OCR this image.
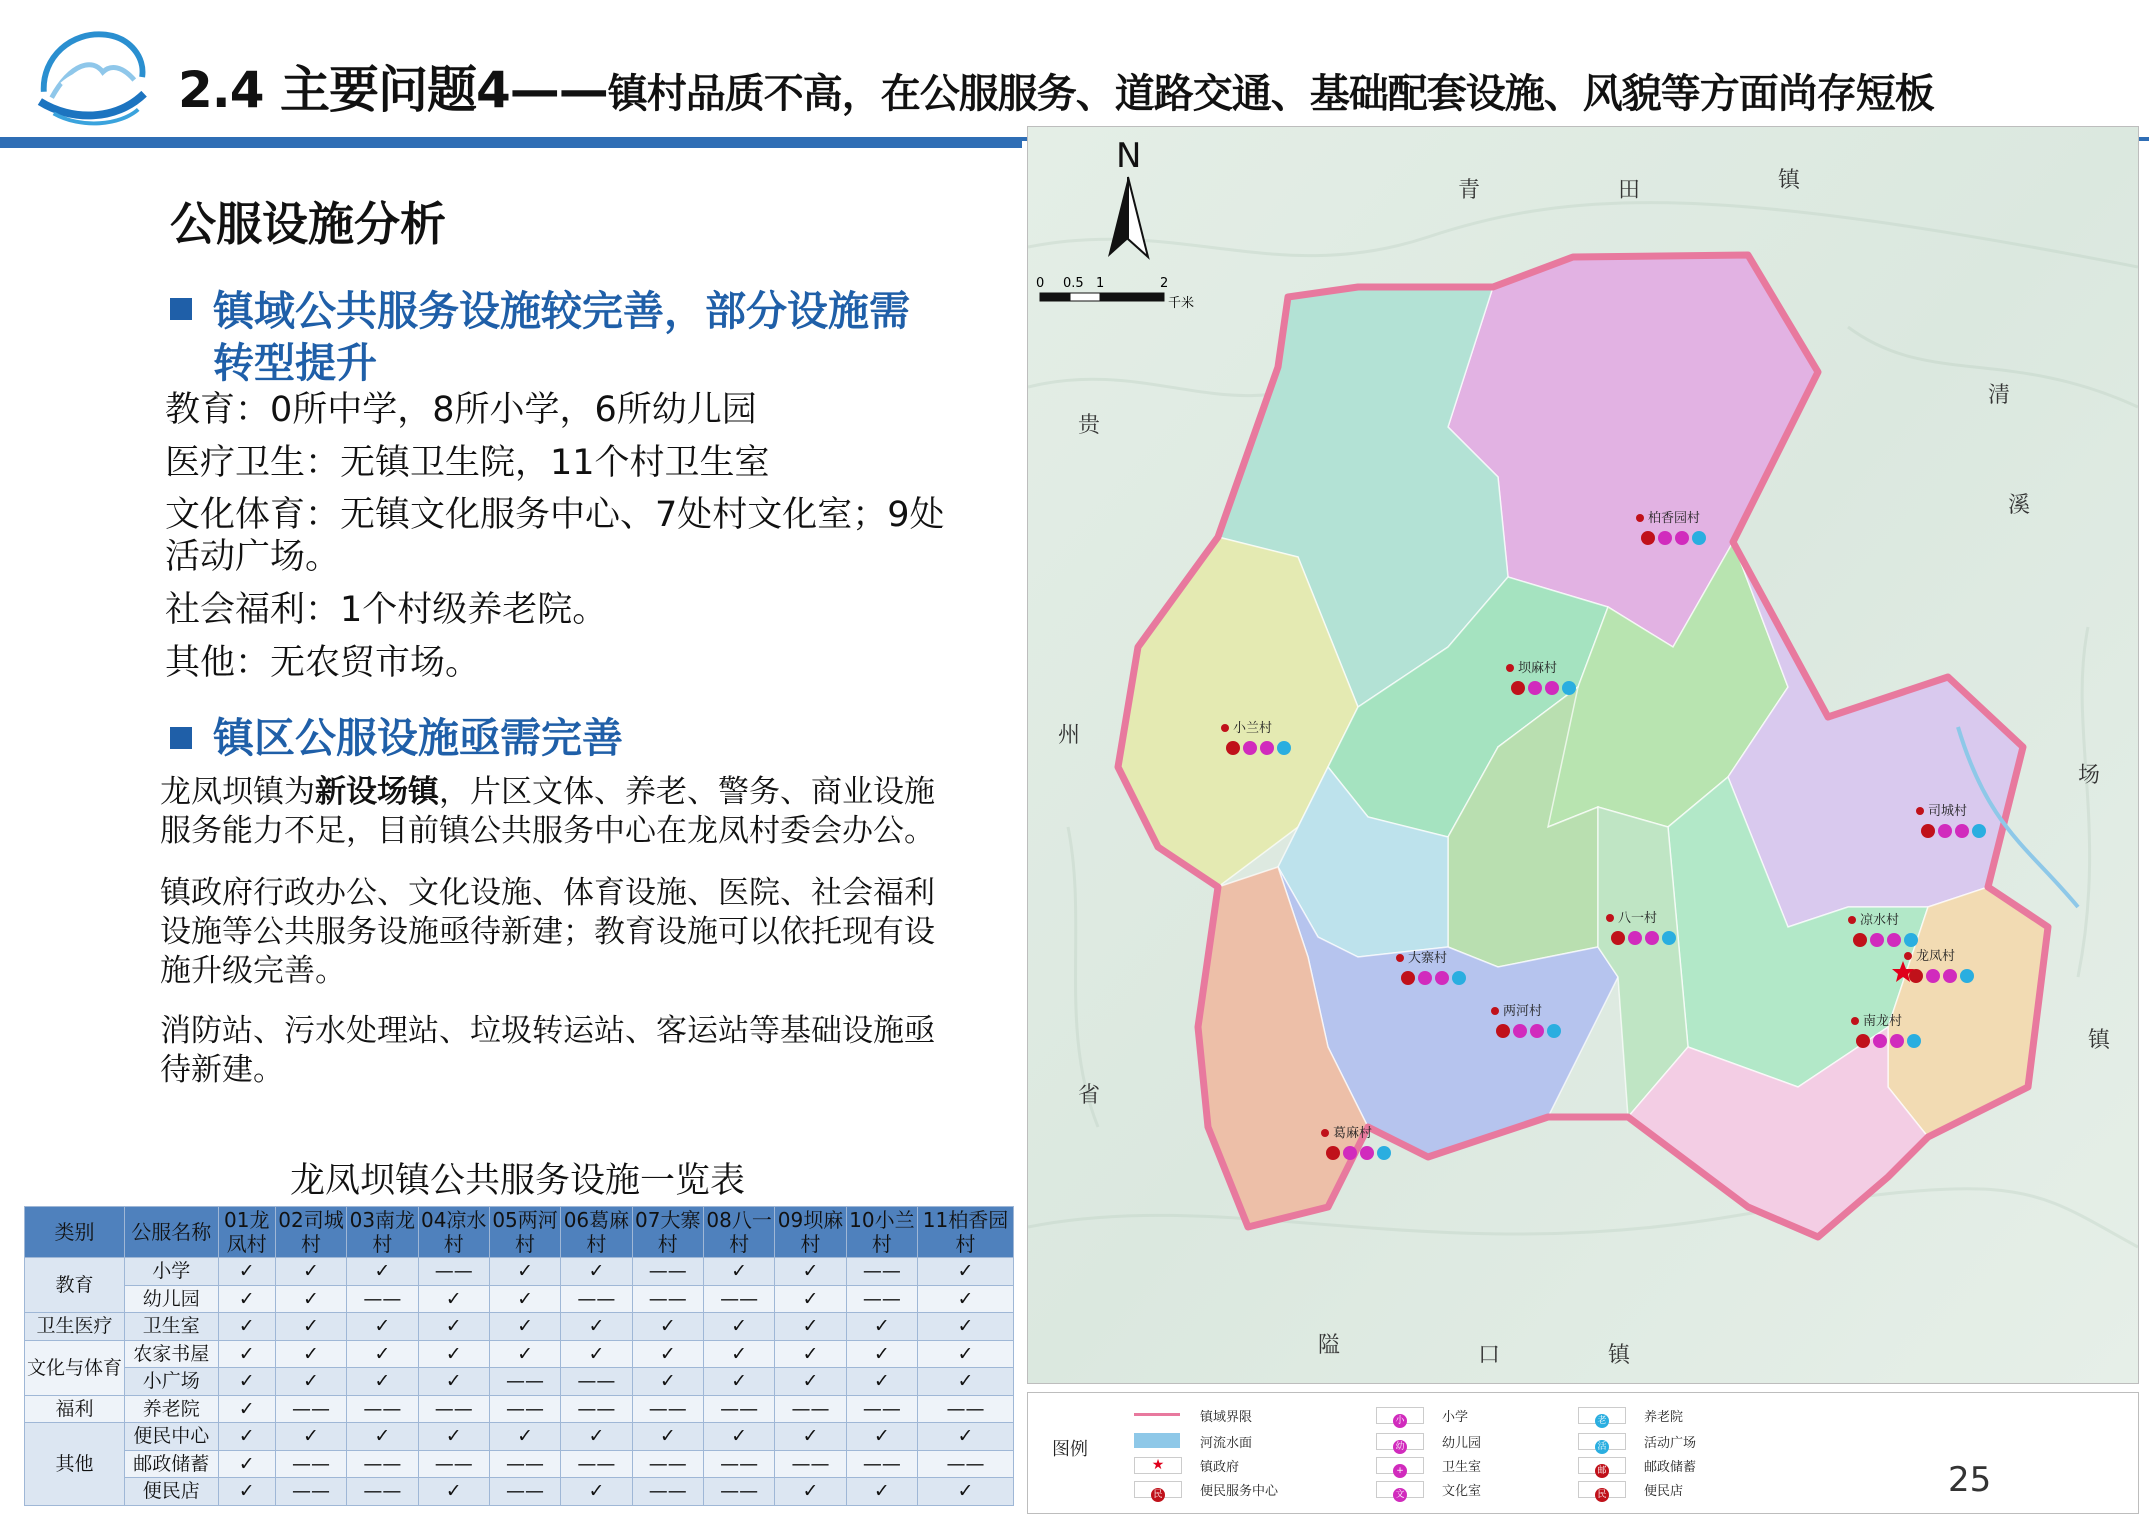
2.4 主要问题4——镇村品质不高，在公服服务、道路交通、基础配套设施、风貌等方面尚存短板
公服设施分析
镇域公共服务设施较完善，部分设施需
转型提升
教育：0所中学，8所小学，6所幼儿园
医疗卫生：无镇卫生院，11个村卫生室
文化体育：无镇文化服务中心、7处村文化室；9处
活动广场。
社会福利：1个村级养老院。
其他：无农贸市场。
镇区公服设施亟需完善
龙凤坝镇为新设场镇，片区文体、养老、警务、商业设施
服务能力不足，目前镇公共服务中心在龙凤村委会办公。
镇政府行政办公、文化设施、体育设施、医院、社会福利
设施等公共服务设施亟待新建；教育设施可以依托现有设
施升级完善。
消防站、污水处理站、垃圾转运站、客运站等基础设施亟
待新建。
龙凤坝镇公共服务设施一览表
类别	公服名称	01龙凤村	02司城村	03南龙村	04凉水村	05两河村	06葛麻村	07大寨村	08八一村	09坝麻村	10小兰村	11柏香园村
教育	小学	✓	✓	✓	——	✓	✓	——	✓	✓	——	✓
	幼儿园	✓	✓	——	✓	✓	——	——	——	✓	——	✓
卫生医疗	卫生室	✓	✓	✓	✓	✓	✓	✓	✓	✓	✓	✓
文化与体育	农家书屋	✓	✓	✓	✓	✓	✓	✓	✓	✓	✓	✓
	小广场	✓	✓	✓	✓	——	——	✓	✓	✓	✓	✓
福利	养老院	✓	——	——	——	——	——	——	——	——	——	——
其他	便民中心	✓	✓	✓	✓	✓	✓	✓	✓	✓	✓	✓
	邮政储蓄	✓	——	——	——	——	——	——	——	——	——	——
	便民店	✓	——	——	✓	——	✓	——	——	✓	✓	✓
N
0 0.5 1	2
千米
青	田	镇
贵
州
省
清
溪
场
镇
隘	口	镇
柏香园村
坝麻村
小兰村
司城村
八一村	凉水村
大寨村
两河村
龙凤村
南龙村
葛麻村
图例
镇域界限
河流水面
★	镇政府
民	便民服务中心
小	小学
幼	幼儿园
+	卫生室
文	文化室
老	养老院
活	活动广场
邮	邮政储蓄
民	便民店	25
